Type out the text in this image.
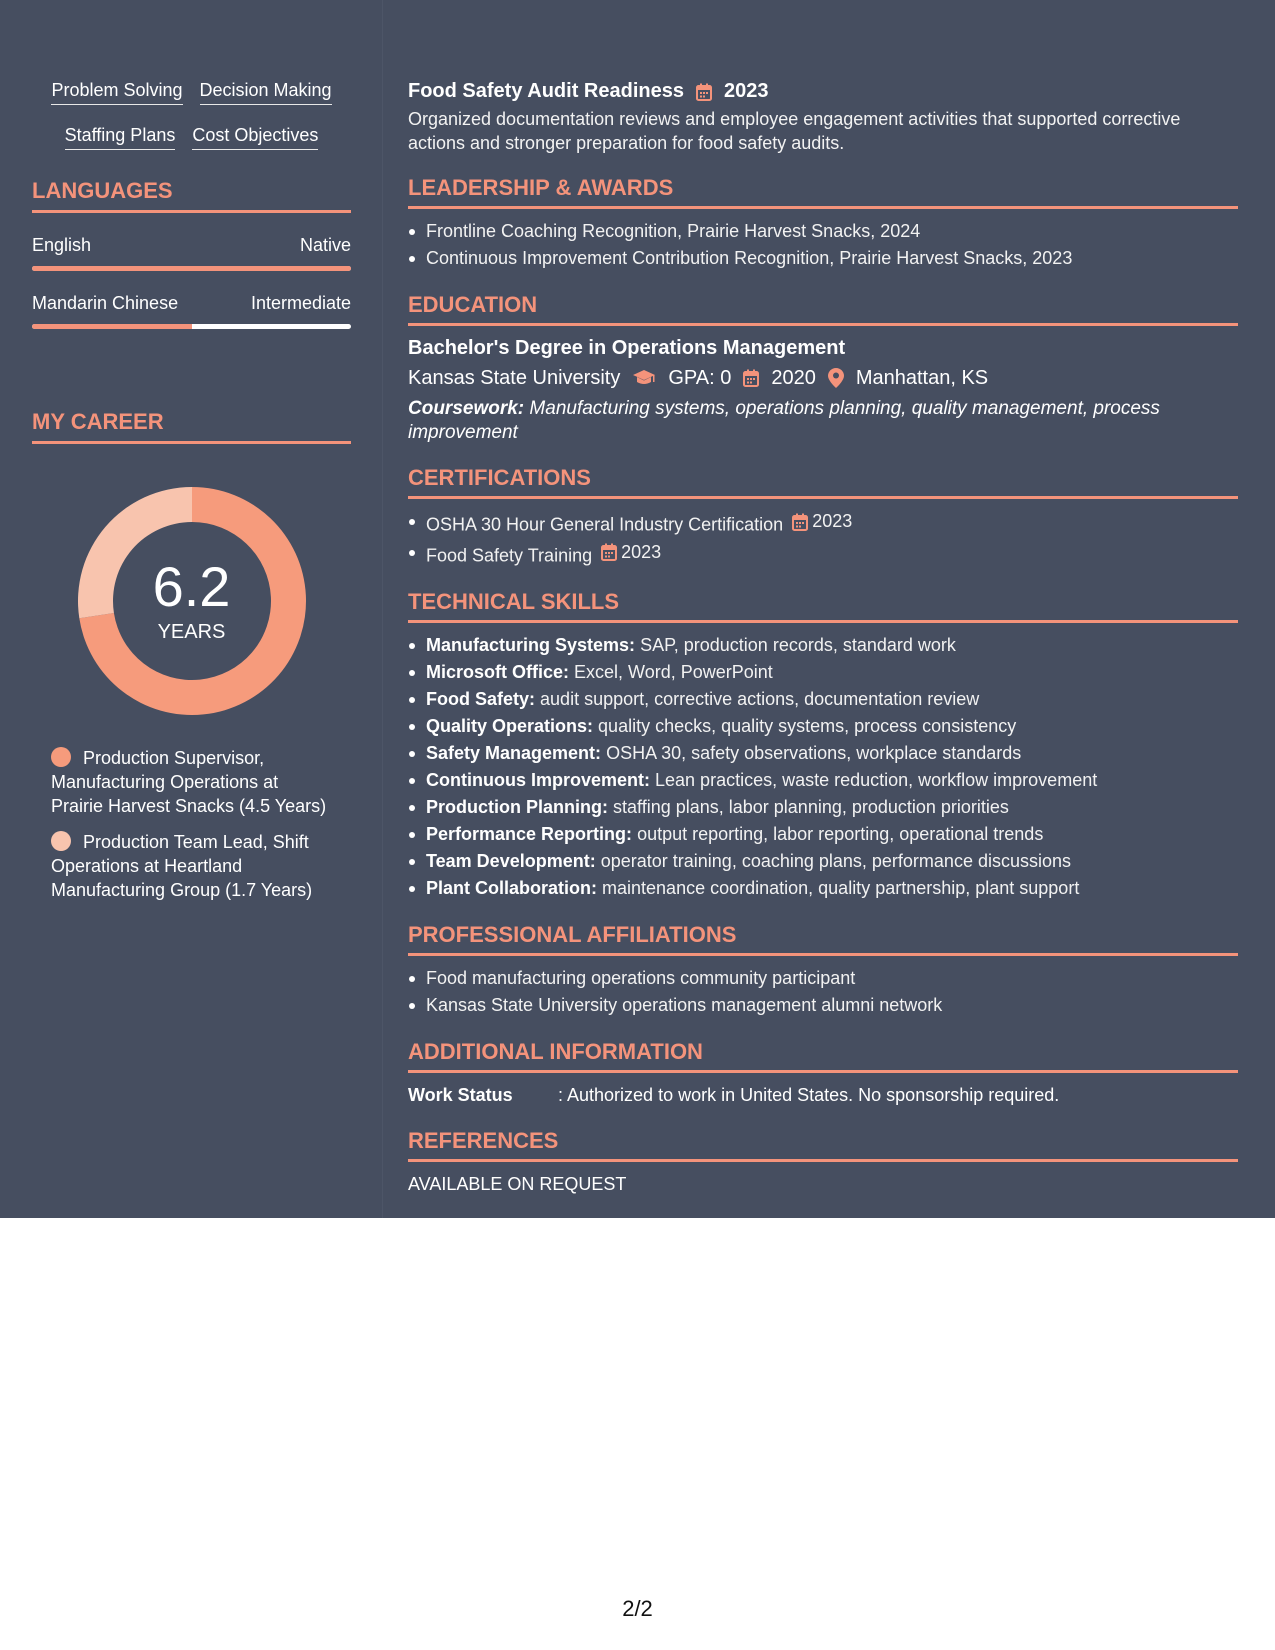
Problem Solving Decision Making
Staffing Plans Cost Objectives
LANGUAGES
English	Native
Mandarin Chinese	Intermediate
MY CAREER
6.2
YEARS
Production Supervisor, Manufacturing Operations at Prairie Harvest Snacks (4.5 Years)
Production Team Lead, Shift Operations at Heartland Manufacturing Group (1.7 Years)
Food Safety Audit Readiness 2023

Organized documentation reviews and employee engagement activities that supported corrective actions and stronger preparation for food safety audits.

LEADERSHIP & AWARDS
Frontline Coaching Recognition, Prairie Harvest Snacks, 2024
Continuous Improvement Contribution Recognition, Prairie Harvest Snacks, 2023
EDUCATION
Bachelor's Degree in Operations Management
Kansas State University GPA: 0 2020 Manhattan, KS

Coursework: Manufacturing systems, operations planning, quality management, process improvement

CERTIFICATIONS
OSHA 30 Hour General Industry Certification 2023
Food Safety Training 2023
TECHNICAL SKILLS
Manufacturing Systems: SAP, production records, standard work
Microsoft Office: Excel, Word, PowerPoint
Food Safety: audit support, corrective actions, documentation review
Quality Operations: quality checks, quality systems, process consistency
Safety Management: OSHA 30, safety observations, workplace standards
Continuous Improvement: Lean practices, waste reduction, workflow improvement
Production Planning: staffing plans, labor planning, production priorities
Performance Reporting: output reporting, labor reporting, operational trends
Team Development: operator training, coaching plans, performance discussions
Plant Collaboration: maintenance coordination, quality partnership, plant support
PROFESSIONAL AFFILIATIONS
Food manufacturing operations community participant
Kansas State University operations management alumni network
ADDITIONAL INFORMATION
Work Status	: Authorized to work in United States. No sponsorship required.
REFERENCES
AVAILABLE ON REQUEST
2/2
